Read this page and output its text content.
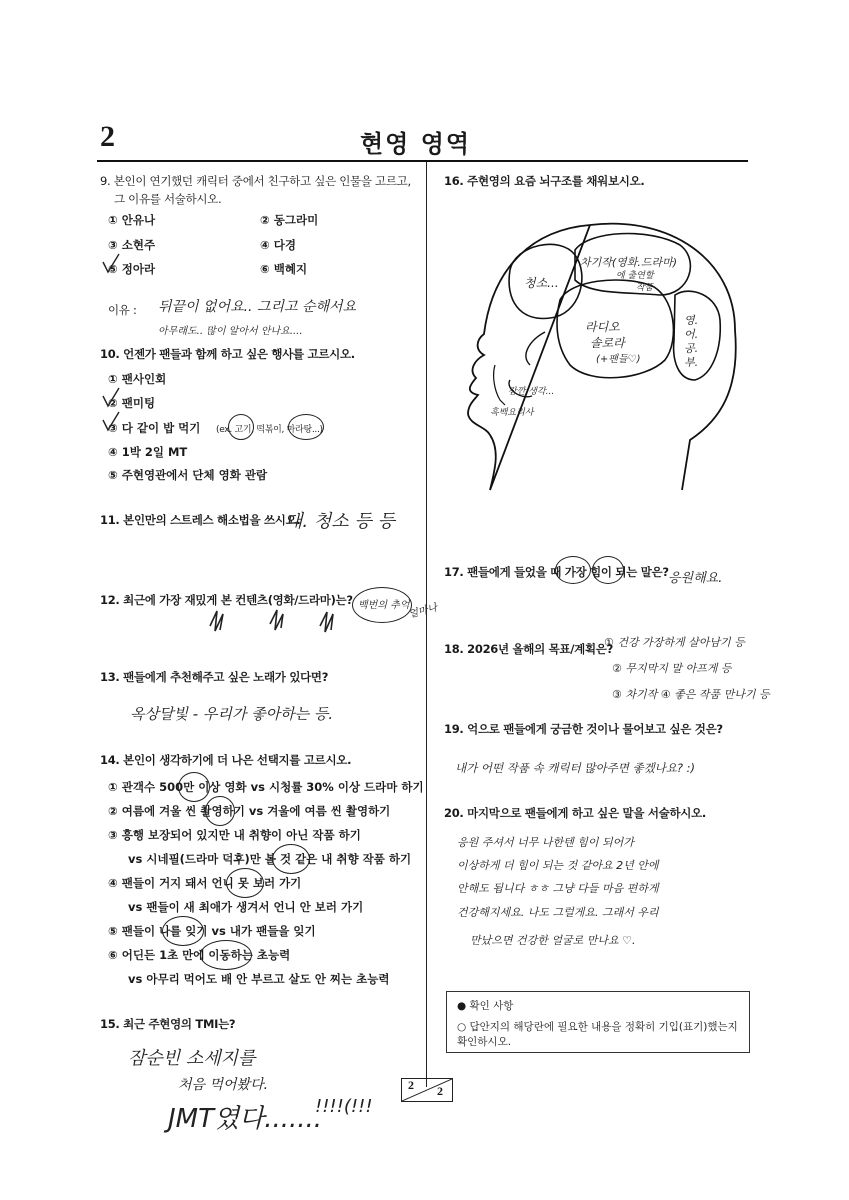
2	현영 영역
9. 본인이 연기했던 캐릭터 중에서 친구하고 싶은 인물을 고르고,
그 이유를 서술하시오.
① 안유나	② 동그라미
③ 소현주	④ 다경
⑤ 정아라	⑥ 백혜지
이유 : 뒤끝이 없어요.. 그리고 순해서요
아무래도.. 많이 알아서 안나요....
10. 언젠가 팬들과 함께 하고 싶은 행사를 고르시오.
① 팬사인회
② 팬미팅
③ 다 같이 밥 먹기 (ex. 고기, 떡볶이, 마라탕...)
④ 1박 2일 MT
⑤ 주현영관에서 단체 영화 관람
11. 본인만의 스트레스 해소법을 쓰시오.
대. 청소 등 등
12. 최근에 가장 재밌게 본 컨텐츠(영화/드라마)는? 백번의 추억
얼마나
13. 팬들에게 추천해주고 싶은 노래가 있다면?
옥상달빛 - 우리가 좋아하는 등.
14. 본인이 생각하기에 더 나은 선택지를 고르시오.
① 관객수 500만 이상 영화 vs 시청률 30% 이상 드라마 하기
② 여름에 겨울 씬 촬영하기 vs 겨울에 여름 씬 촬영하기
③ 흥행 보장되어 있지만 내 취향이 아닌 작품 하기
vs 시네필(드라마 덕후)만 볼 것 같은 내 취향 작품 하기
④ 팬들이 거지 돼서 언니 못 보러 가기
vs 팬들이 새 최애가 생겨서 언니 안 보러 가기
⑤ 팬들이 나를 잊기 vs 내가 팬들을 잊기
⑥ 어딘든 1초 만에 이동하는 초능력
vs 아무리 먹어도 배 안 부르고 살도 안 찌는 초능력
15. 최근 주현영의 TMI는?
잠순빈 소세지를
처음 먹어봤다.
JMT였다.......
!!!!(!!!
16. 주현영의 요즘 뇌구조를 채워보시오.
청소...
차기작(영화.드라마)
에 출연할
작품
라디오
솔로라
(+팬들♡)
영.
어.
공.
부.
잠깐 생각...
흑백요리사
17. 팬들에게 들었을 때 가장 힘이 되는 말은? 응원해요.
18. 2026년 올해의 목표/계획은?
① 건강 가장하게 살아남기 등
② 무지막지 말 아프게 등
③ 차기작 ④ 좋은 작품 만나기 등
19. 억으로 팬들에게 궁금한 것이나 물어보고 싶은 것은?
내가 어떤 작품 속 캐릭터 많아주면 좋겠나요? :)
20. 마지막으로 팬들에게 하고 싶은 말을 서술하시오.
응원 주셔서 너무 나한텐 힘이 되어가
이상하게 더 힘이 되는 것 같아요 2년 안에
안해도 됩니다 ㅎㅎ 그냥 다들 마음 편하게
건강해지세요. 나도 그럴게요. 그래서 우리
만났으면 건강한 얼굴로 만나요 ♡.
● 확인 사항
○ 답안지의 해당란에 필요한 내용을 정확히 기입(표기)했는지 확인하시오.
2 2
